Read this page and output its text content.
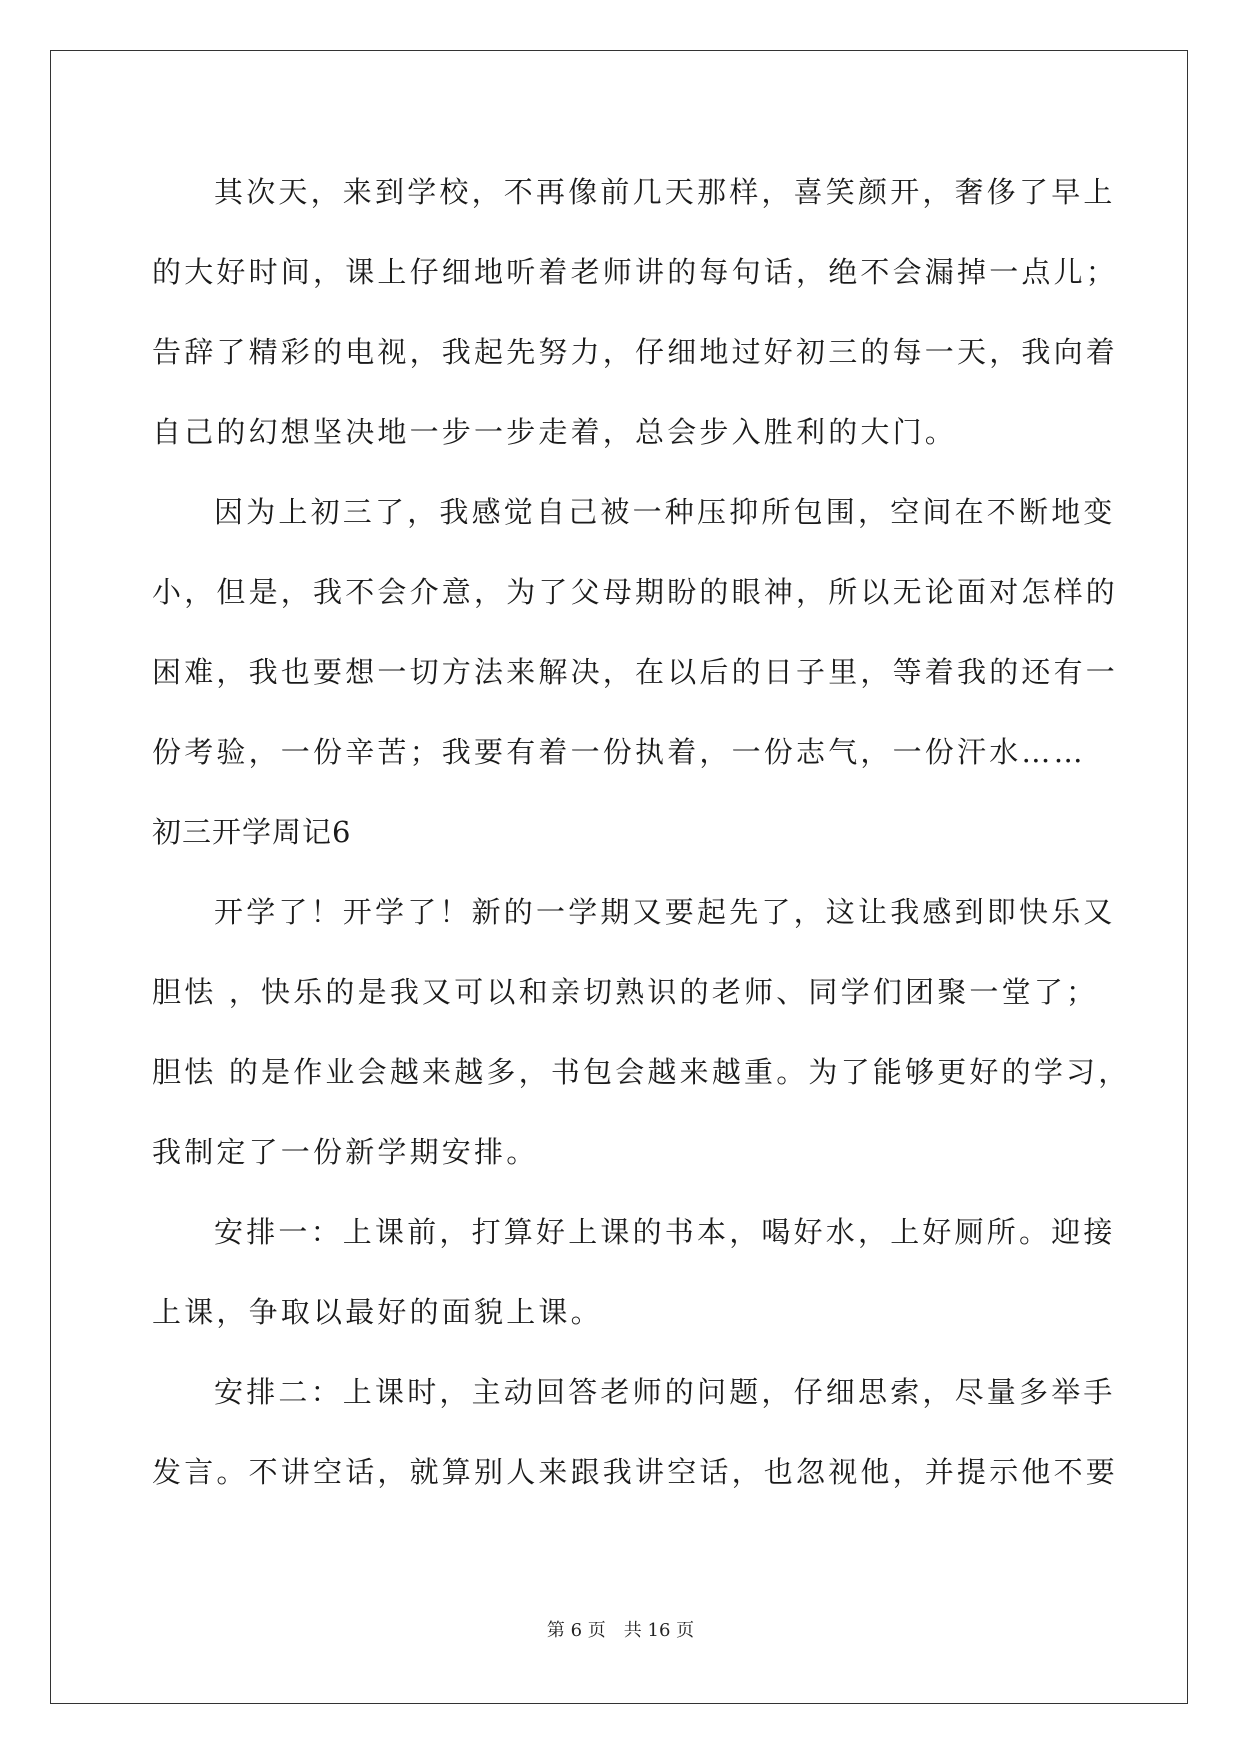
其次天，来到学校，不再像前几天那样，喜笑颜开，奢侈了早上
的大好时间，课上仔细地听着老师讲的每句话，绝不会漏掉一点儿；
告辞了精彩的电视，我起先努力，仔细地过好初三的每一天，我向着
自己的幻想坚决地一步一步走着，总会步入胜利的大门。
因为上初三了，我感觉自己被一种压抑所包围，空间在不断地变
小，但是，我不会介意，为了父母期盼的眼神，所以无论面对怎样的
困难，我也要想一切方法来解决，在以后的日子里，等着我的还有一
份考验，一份辛苦；我要有着一份执着，一份志气，一份汗水……
初三开学周记6
开学了！开学了！新的一学期又要起先了，这让我感到即快乐又
胆怯 ，快乐的是我又可以和亲切熟识的老师、同学们团聚一堂了；
胆怯 的是作业会越来越多，书包会越来越重。为了能够更好的学习，
我制定了一份新学期安排。
安排一：上课前，打算好上课的书本，喝好水，上好厕所。迎接
上课，争取以最好的面貌上课。
安排二：上课时，主动回答老师的问题，仔细思索，尽量多举手
发言。不讲空话，就算别人来跟我讲空话，也忽视他，并提示他不要
第 6 页　共 16 页
